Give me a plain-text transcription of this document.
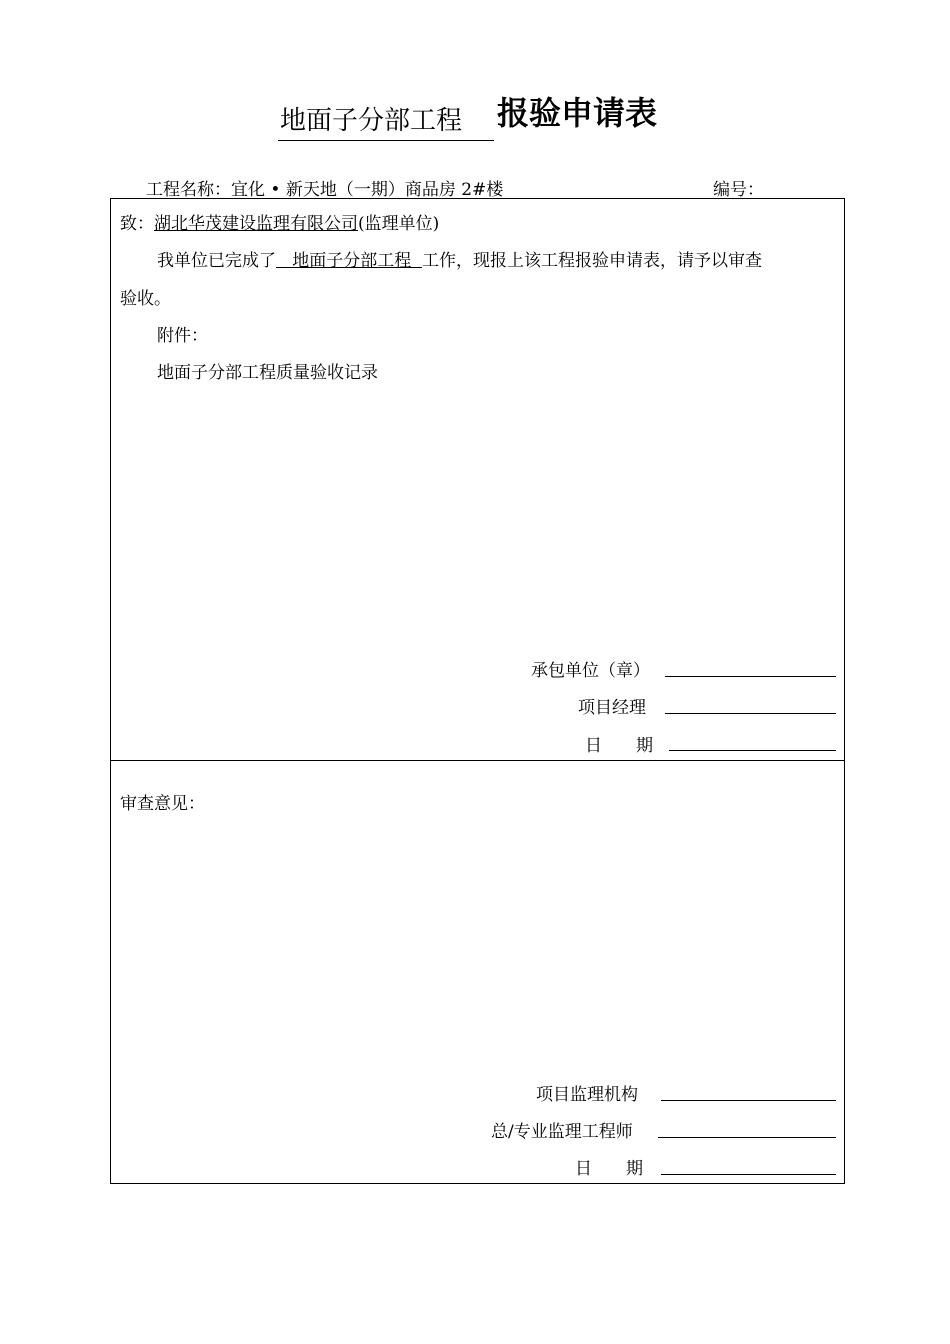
地面子分部工程 报验申请表
工程名称：宜化 • 新天地（一期）商品房 2#楼	编号：
致：湖北华茂建设监理有限公司(监理单位)
我单位已完成了   地面子分部工程  工作，现报上该工程报验申请表，请予以审查
验收。
附件：
地面子分部工程质量验收记录
承包单位（章）
项目经理
日　　期
审查意见：
项目监理机构
总/专业监理工程师
日　　期
